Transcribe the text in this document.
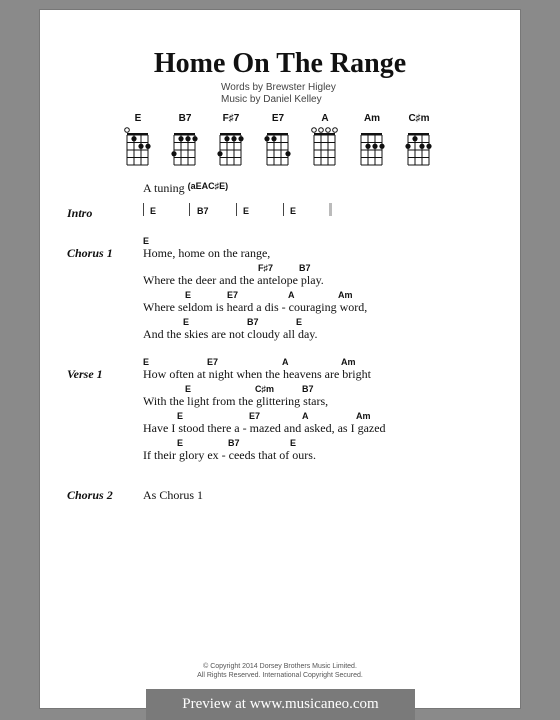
Home On The Range
Words by Brewster Higley
Music by Daniel Kelley
E	B7	F♯7	E7	A	Am	C♯m
A tuning $^{(aEAC♯E)}$
Intro	E	B7	E	E
Chorus 1
E
Home, home on the range,
F♯7	B7
Where the deer and the antelope play.
E	E7	A	Am
Where seldom is heard a dis - couraging word,
E	B7	E
And the skies are not cloudy all day.
Verse 1
E	E7	A	Am
How often at night when the heavens are bright
E	C♯m	B7
With the light from the glittering stars,
E	E7	A	Am
Have I stood there a - mazed and asked, as I gazed
E	B7	E
If their glory ex - ceeds that of ours.
Chorus 2	As Chorus 1
© Copyright 2014 Dorsey Brothers Music Limited.
All Rights Reserved. International Copyright Secured.
Preview at www.musicaneo.com
